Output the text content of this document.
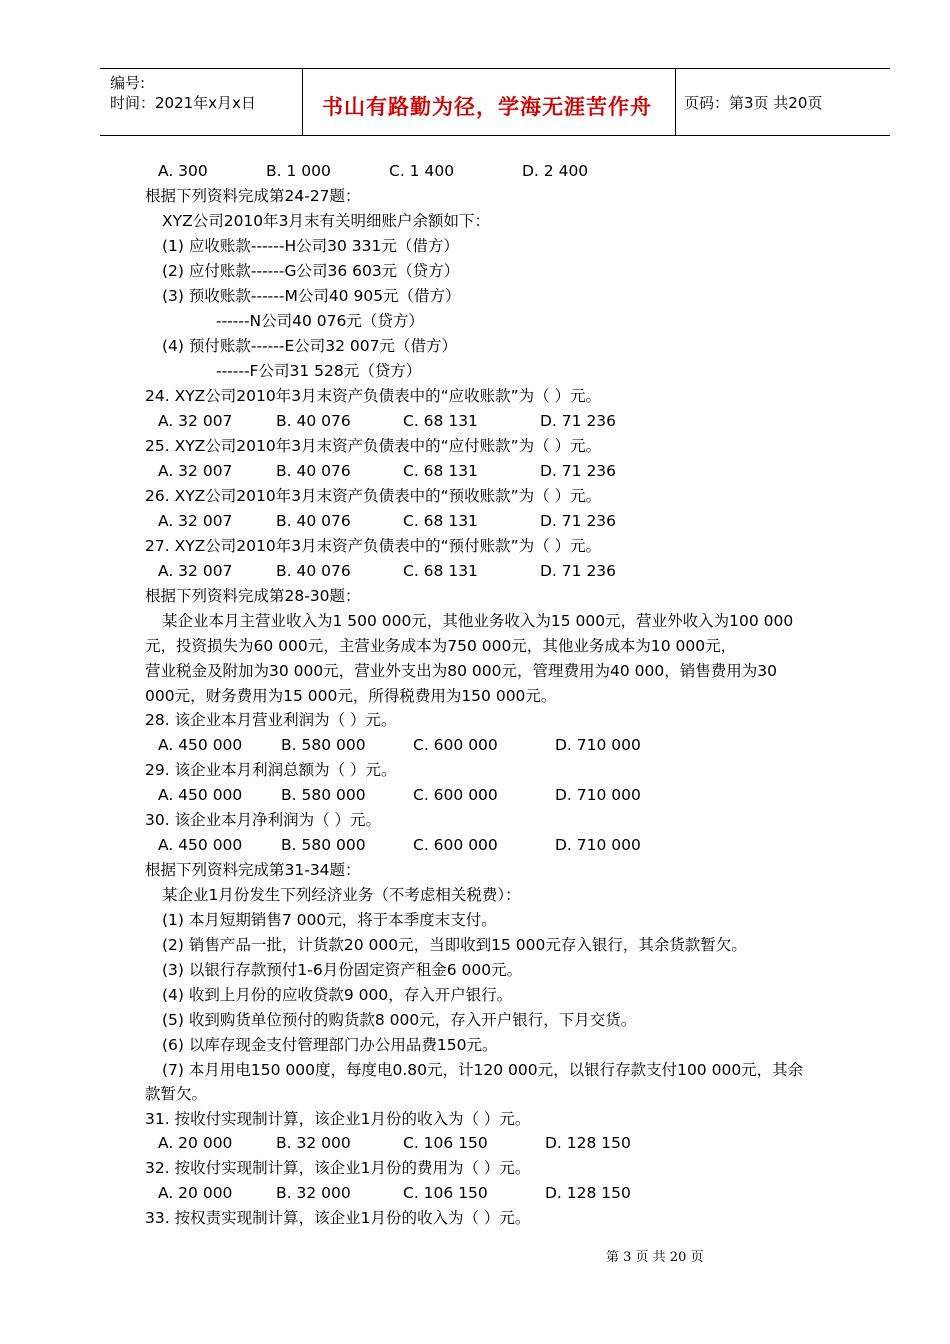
编号:
时间：2021年x月x日	书山有路勤为径，学海无涯苦作舟 页码：第3页 共20页
A. 300	B. 1 000	C. 1 400	D. 2 400
根据下列资料完成第24-27题：
XYZ公司2010年3月末有关明细账户余额如下：
(1) 应收账款------H公司30 331元（借方）
(2) 应付账款------G公司36 603元（贷方）
(3) 预收账款------M公司40 905元（借方）
------N公司40 076元（贷方）
(4) 预付账款------E公司32 007元（借方）
------F公司31 528元（贷方）
24. XYZ公司2010年3月末资产负债表中的“应收账款”为（ ）元。
A. 32 007	B. 40 076	C. 68 131	D. 71 236
25. XYZ公司2010年3月末资产负债表中的“应付账款”为（ ）元。
A. 32 007	B. 40 076	C. 68 131	D. 71 236
26. XYZ公司2010年3月末资产负债表中的“预收账款”为（ ）元。
A. 32 007	B. 40 076	C. 68 131	D. 71 236
27. XYZ公司2010年3月末资产负债表中的“预付账款”为（ ）元。
A. 32 007	B. 40 076	C. 68 131	D. 71 236
根据下列资料完成第28-30题：
某企业本月主营业收入为1 500 000元，其他业务收入为15 000元，营业外收入为100 000
元，投资损失为60 000元，主营业务成本为750 000元，其他业务成本为10 000元，
营业税金及附加为30 000元，营业外支出为80 000元，管理费用为40 000，销售费用为30
000元，财务费用为15 000元，所得税费用为150 000元。
28. 该企业本月营业利润为（ ）元。
A. 450 000 B. 580 000	C. 600 000	D. 710 000
29. 该企业本月利润总额为（ ）元。
A. 450 000 B. 580 000	C. 600 000	D. 710 000
30. 该企业本月净利润为（ ）元。
A. 450 000 B. 580 000	C. 600 000	D. 710 000
根据下列资料完成第31-34题：
某企业1月份发生下列经济业务（不考虑相关税费）：
(1) 本月短期销售7 000元，将于本季度末支付。
(2) 销售产品一批，计货款20 000元，当即收到15 000元存入银行，其余货款暂欠。
(3) 以银行存款预付1-6月份固定资产租金6 000元。
(4) 收到上月份的应收贷款9 000，存入开户银行。
(5) 收到购货单位预付的购货款8 000元，存入开户银行，下月交货。
(6) 以库存现金支付管理部门办公用品费150元。
(7) 本月用电150 000度，每度电0.80元，计120 000元，以银行存款支付100 000元，其余
款暂欠。
31. 按收付实现制计算，该企业1月份的收入为（ ）元。
A. 20 000	B. 32 000	C. 106 150	D. 128 150
32. 按收付实现制计算，该企业1月份的费用为（ ）元。
A. 20 000	B. 32 000	C. 106 150	D. 128 150
33. 按权责实现制计算，该企业1月份的收入为（ ）元。
第 3 页 共 20 页
